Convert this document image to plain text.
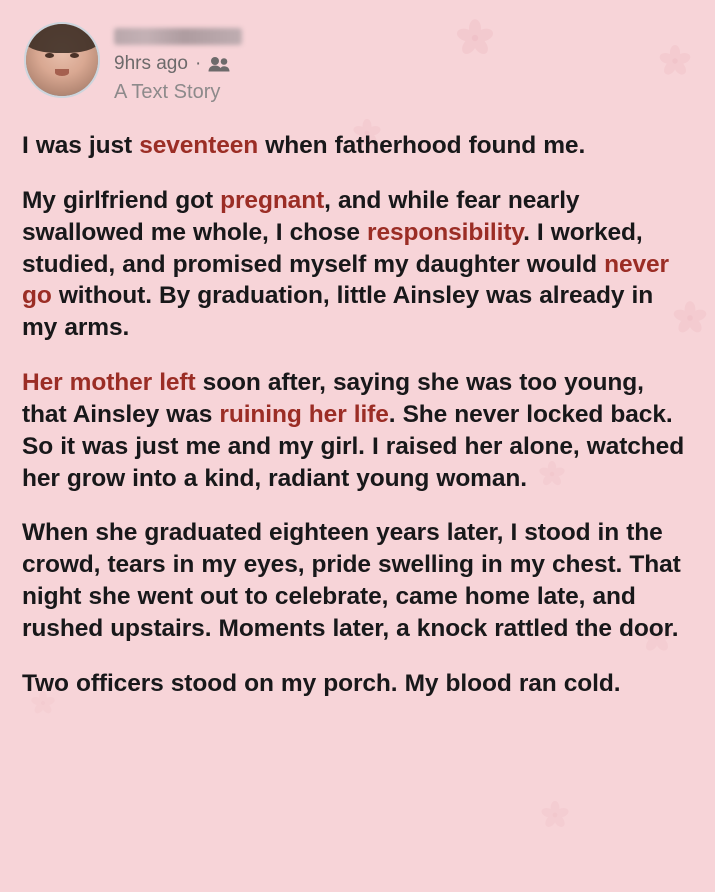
9hrs ago ·
A Text Story

I was just seventeen when fatherhood found me.

My girlfriend got pregnant, and while fear nearly swallowed me whole, I chose responsibility. I worked, studied, and promised myself my daughter would never go without. By graduation, little Ainsley was already in my arms.

Her mother left soon after, saying she was too young, that Ainsley was ruining her life. She never locked back. So it was just me and my girl. I raised her alone, watched her grow into a kind, radiant young woman.

When she graduated eighteen years later, I stood in the crowd, tears in my eyes, pride swelling in my chest. That night she went out to celebrate, came home late, and rushed upstairs. Moments later, a knock rattled the door.

Two officers stood on my porch. My blood ran cold.
